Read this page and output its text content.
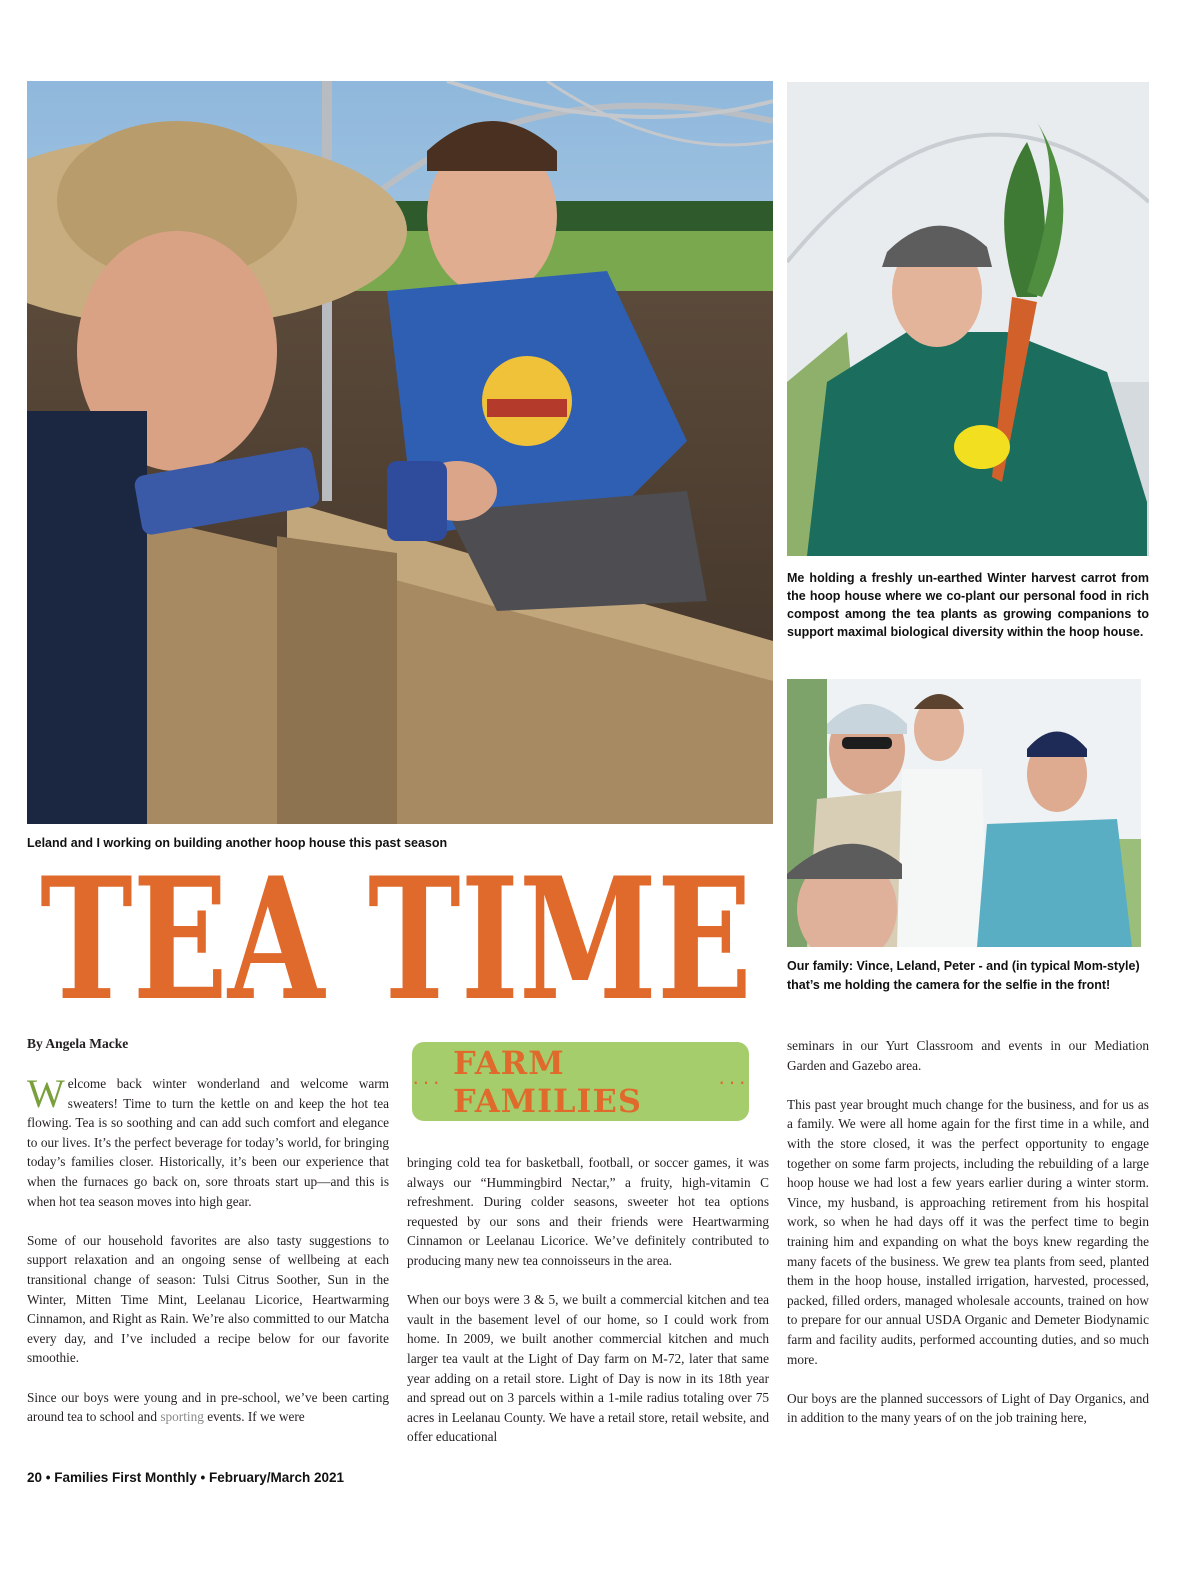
Leland and I working on building another hoop house this past season
Me holding a freshly un-earthed Winter harvest carrot from the hoop house where we co-plant our personal food in rich compost among the tea plants as growing companions to support maximal biological diversity within the hoop house.
Our family: Vince, Leland, Peter - and (in typical Mom-style)
that’s me holding the camera for the selfie in the front!
TEA TIME
By Angela Macke

Welcome back winter wonderland and welcome warm sweaters! Time to turn the kettle on and keep the hot tea flowing. Tea is so soothing and can add such comfort and elegance to our lives. It’s the perfect beverage for today’s world, for bringing today’s families closer. Historically, it’s been our experience that when the furnaces go back on, sore throats start up—and this is when hot tea season moves into high gear.

Some of our household favorites are also tasty suggestions to support relaxation and an ongoing sense of wellbeing at each transitional change of season: Tulsi Citrus Soother, Sun in the Winter, Mitten Time Mint, Leelanau Licorice, Heartwarming Cinnamon, and Right as Rain. We’re also committed to our Matcha every day, and I’ve included a recipe below for our favorite smoothie.

Since our boys were young and in pre-school, we’ve been carting around tea to school and sporting events. If we were

··· FARM FAMILIES
···

bringing cold tea for basketball, football, or soccer games, it was always our “Hummingbird Nectar,” a fruity, high-vitamin C refreshment. During colder seasons, sweeter hot tea options requested by our sons and their friends were Heartwarming Cinnamon or Leelanau Licorice. We’ve definitely contributed to producing many new tea connoisseurs in the area.

When our boys were 3 & 5, we built a commercial kitchen and tea vault in the basement level of our home, so I could work from home. In 2009, we built another commercial kitchen and much larger tea vault at the Light of Day farm on M-72, later that same year adding on a retail store. Light of Day is now in its 18th year and spread out on 3 parcels within a 1-mile radius totaling over 75 acres in Leelanau County. We have a retail store, retail website, and offer educational

seminars in our Yurt Classroom and events in our Mediation Garden and Gazebo area.

This past year brought much change for the business, and for us as a family. We were all home again for the first time in a while, and with the store closed, it was the perfect opportunity to engage together on some farm projects, including the rebuilding of a large hoop house we had lost a few years earlier during a winter storm. Vince, my husband, is approaching retirement from his hospital work, so when he had days off it was the perfect time to begin training him and expanding on what the boys knew regarding the many facets of the business. We grew tea plants from seed, planted them in the hoop house, installed irrigation, harvested, processed, packed, filled orders, managed wholesale accounts, trained on how to prepare for our annual USDA Organic and Demeter Biodynamic farm and facility audits, performed accounting duties, and so much more.

Our boys are the planned successors of Light of Day Organics, and in addition to the many years of on the job training here,

20 • Families First Monthly • February/March 2021
